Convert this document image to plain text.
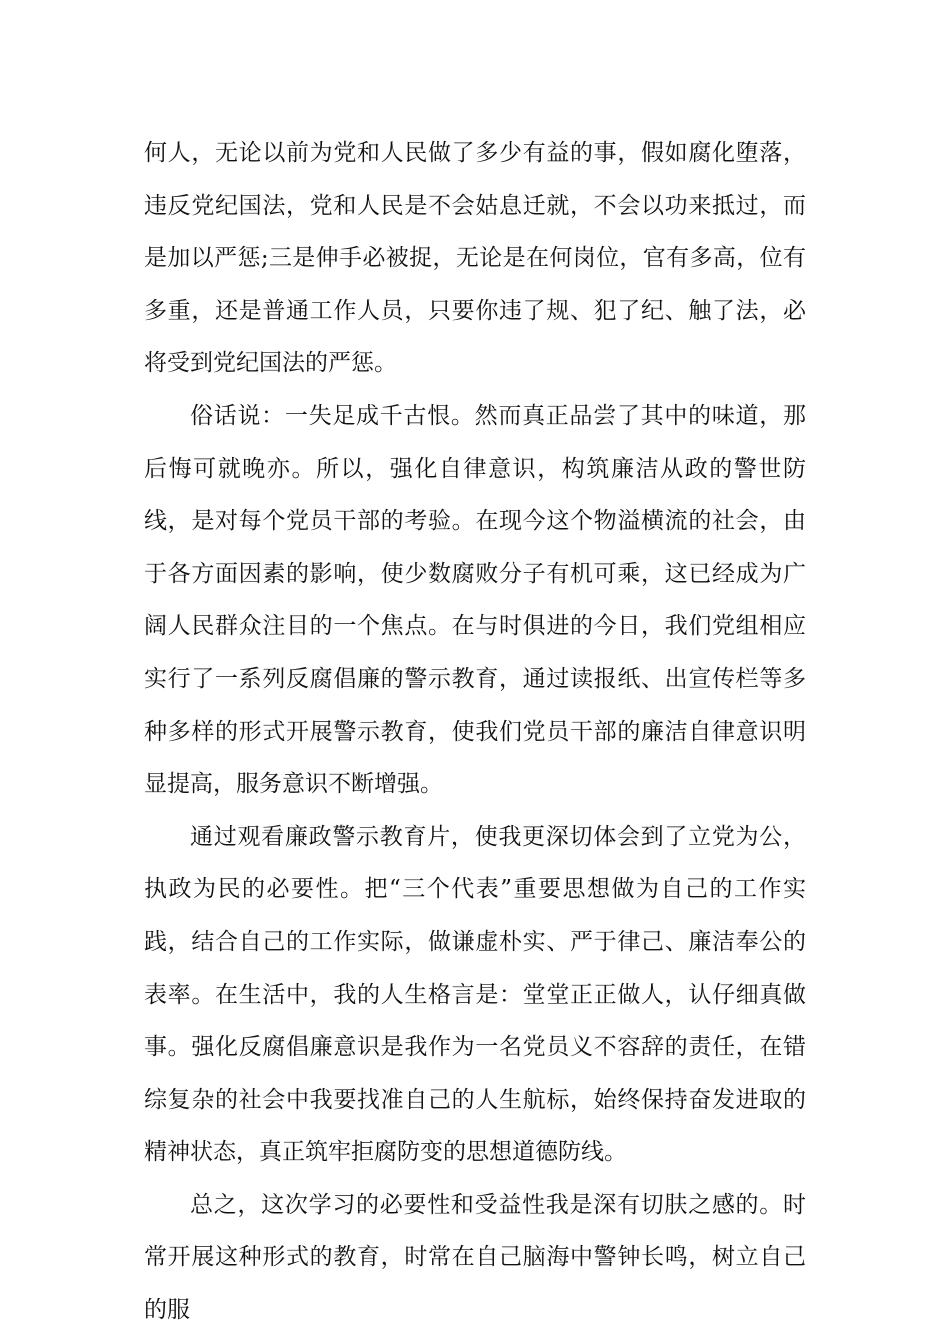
何人，无论以前为党和人民做了多少有益的事，假如腐化堕落，违反党纪国法，党和人民是不会姑息迁就，不会以功来抵过，而是加以严惩;三是伸手必被捉，无论是在何岗位，官有多高，位有多重，还是普通工作人员，只要你违了规、犯了纪、触了法，必将受到党纪国法的严惩。

俗话说：一失足成千古恨。然而真正品尝了其中的味道，那后悔可就晚亦。所以，强化自律意识，构筑廉洁从政的警世防线，是对每个党员干部的考验。在现今这个物溢横流的社会，由于各方面因素的影响，使少数腐败分子有机可乘，这已经成为广阔人民群众注目的一个焦点。在与时俱进的今日，我们党组相应实行了一系列反腐倡廉的警示教育，通过读报纸、出宣传栏等多种多样的形式开展警示教育，使我们党员干部的廉洁自律意识明显提高，服务意识不断增强。

通过观看廉政警示教育片，使我更深切体会到了立党为公，执政为民的必要性。把“三个代表”重要思想做为自己的工作实践，结合自己的工作实际，做谦虚朴实、严于律己、廉洁奉公的表率。在生活中，我的人生格言是：堂堂正正做人，认仔细真做事。强化反腐倡廉意识是我作为一名党员义不容辞的责任，在错综复杂的社会中我要找准自己的人生航标，始终保持奋发进取的精神状态，真正筑牢拒腐防变的思想道德防线。

总之，这次学习的必要性和受益性我是深有切肤之感的。时常开展这种形式的教育，时常在自己脑海中警钟长鸣，树立自己的服
